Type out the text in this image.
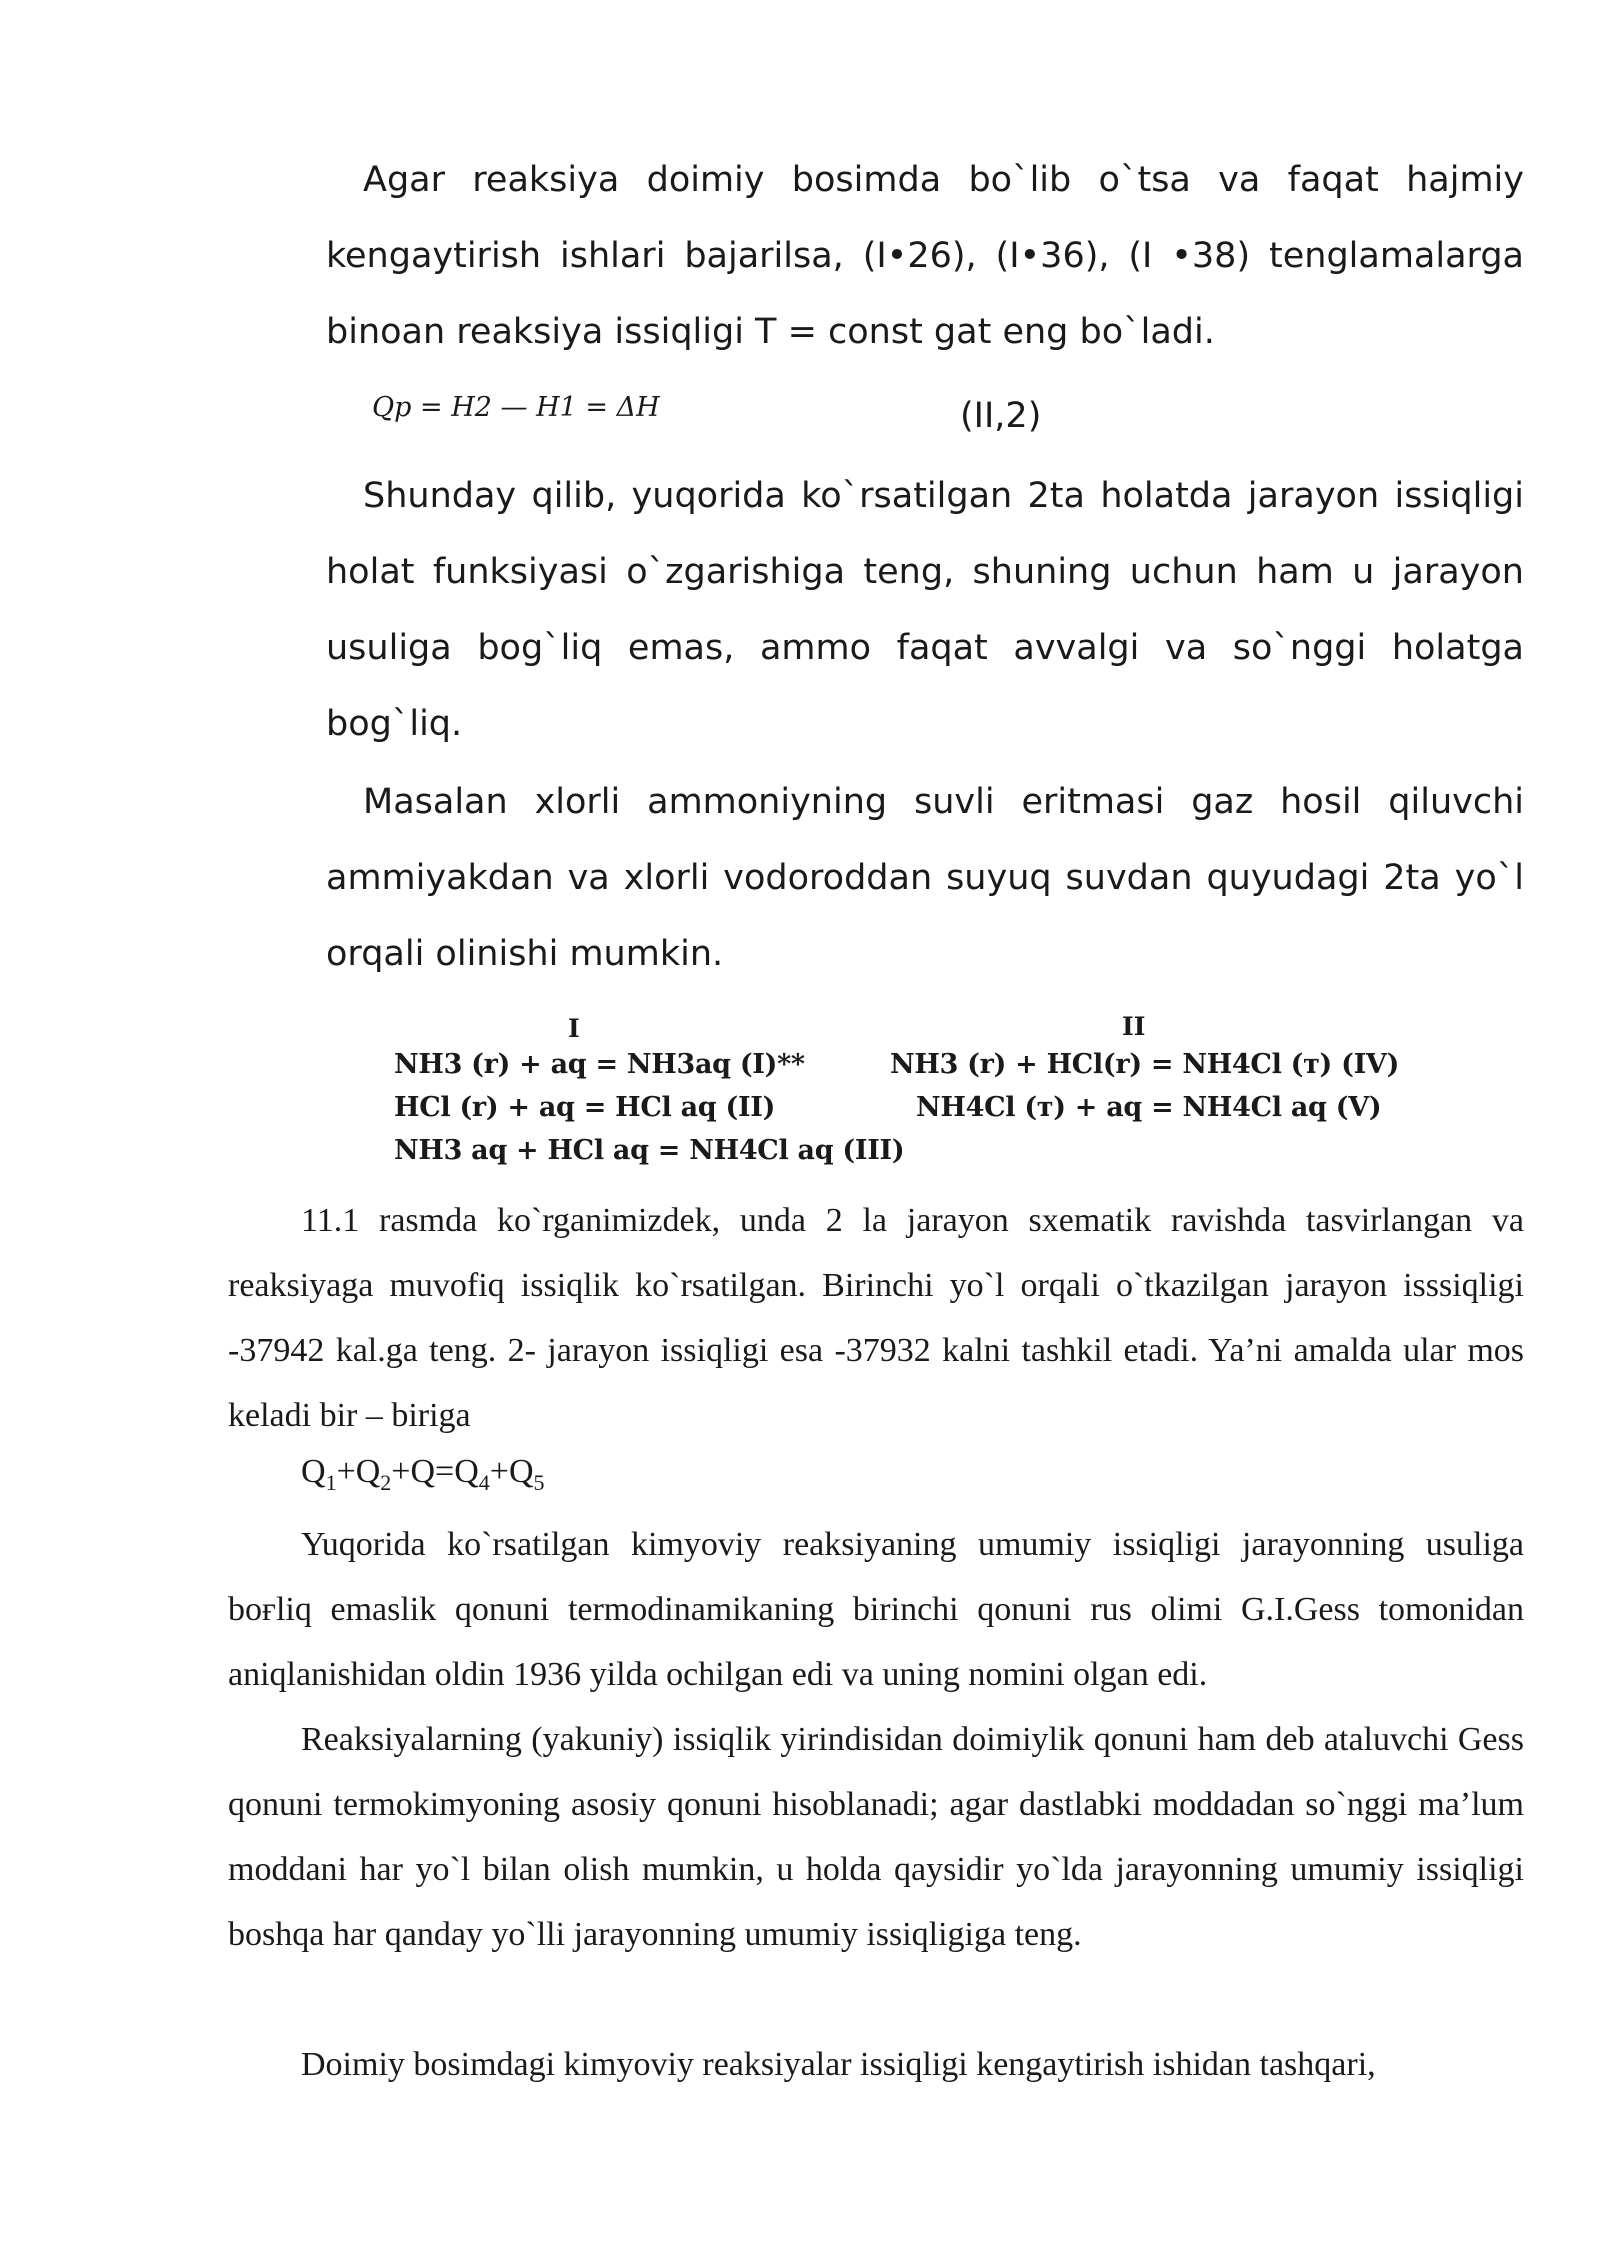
Agar reaksiya doimiy bosimda bo`lib o`tsa va faqat hajmiy kengaytirish ishlari bajarilsa, (I•26), (I•36), (I •38) tenglamalarga binoan reaksiya issiqligi T = const gat eng bo`ladi.

Qp = H2 — H1 = ΔH	(II,2)

Shunday qilib, yuqorida ko`rsatilgan 2ta holatda jarayon issiqligi holat funksiyasi o`zgarishiga teng, shuning uchun ham u jarayon usuliga bog`liq emas, ammo faqat avvalgi va so`nggi holatga bog`liq.

Masalan xlorli ammoniyning suvli eritmasi gaz hosil qiluvchi ammiyakdan va xlorli vodoroddan suyuq suvdan quyudagi 2ta yo`l orqali olinishi mumkin.

I	II
NH3 (r) + aq = NH3aq (I)**
HCl (r) + aq = HCl aq (II)
NH3 aq + HCl aq = NH4Cl aq (III)
NH3 (r) + HCl(r) = NH4Cl (т) (IV)
NH4Cl (т) + aq = NH4Cl aq (V)

11.1 rasmda ko`rganimizdek, unda 2 la jarayon sxematik ravishda tasvirlangan va reaksiyaga muvofiq issiqlik ko`rsatilgan. Birinchi yo`l orqali o`tkazilgan jarayon isssiqligi -37942 kal.ga teng. 2- jarayon issiqligi esa -37932 kalni tashkil etadi. Ya’ni amalda ular mos keladi bir – biriga

$Q_1+Q_2+Q=Q_4+Q_5$

Yuqorida ko`rsatilgan kimyoviy reaksiyaning umumiy issiqligi jarayonning usuliga boғliq emaslik qonuni termodinamikaning birinchi qonuni rus olimi G.I.Gess tomonidan aniqlanishidan oldin 1936 yilda ochilgan edi va uning nomini olgan edi.

Reaksiyalarning (yakuniy) issiqlik yirindisidan doimiylik qonuni ham deb ataluvchi Gess qonuni termokimyoning asosiy qonuni hisoblanadi; agar dastlabki moddadan so`nggi ma’lum moddani har yo`l bilan olish mumkin, u holda qaysidir yo`lda jarayonning umumiy issiqligi boshqa har qanday yo`lli jarayonning umumiy issiqligiga teng.

Doimiy bosimdagi kimyoviy reaksiyalar issiqligi kengaytirish ishidan tashqari,
